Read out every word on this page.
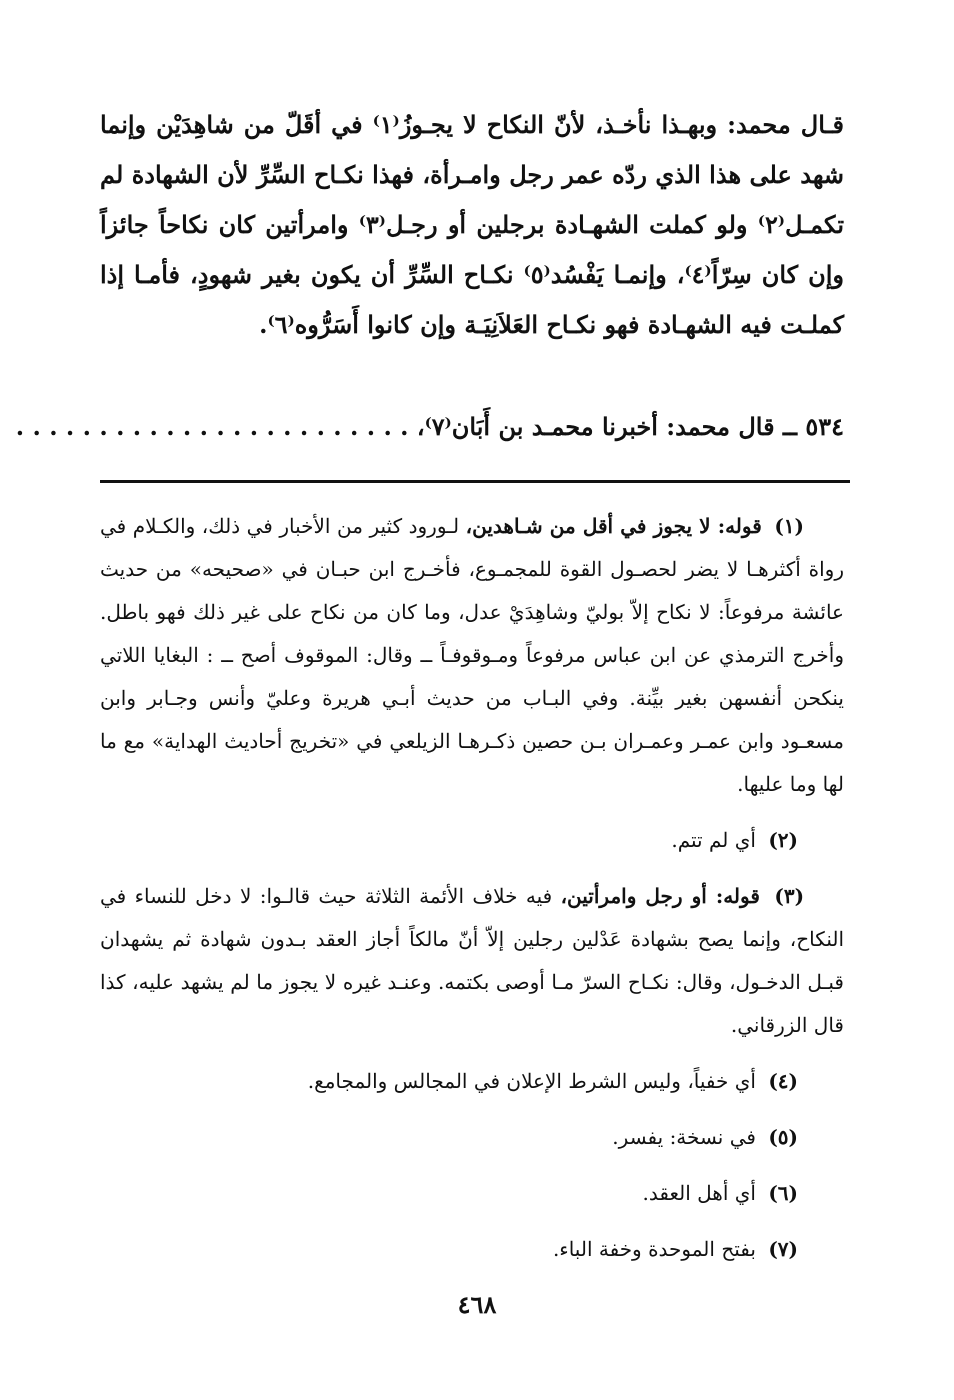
قـال محمد: وبهـذا نأخـذ، لأنّ النكاح لا يجـوزُ⁽١⁾ في أقَلّ من شاهِدَيْن وإنما شهد على هذا الذي ردّه عمر رجل وامـرأة، فهذا نكـاح السِّرِّ لأن الشهادة لم تكمـل⁽٢⁾ ولو كملت الشهـادة برجلين أو رجـل⁽٣⁾ وامرأتين كان نكاحاً جائزاً وإن كان سِرّاً⁽٤⁾، وإنمـا يَفْسُد⁽٥⁾ نكـاح السِّرِّ أن يكون بغير شهودٍ، فأمـا إذا كملـت فيه الشهـادة فهو نكـاح العَلاَنِيَـة وإن كانوا أَسَرُّوه⁽٦⁾.

٥٣٤ ــ قال محمد: أخبرنا محمـد بن أَبَان⁽٧⁾، . . . . . . . . . . . . . . . . . . . . . . . .

(١) قوله: لا يجوز في أقل من شـاهدين، لـورود كثير من الأخبار في ذلك، والكـلام في رواة أكثرهـا لا يضر لحصـول القوة للمجمـوع، فأخـرج ابن حبـان في «صحيحه» من حديث عائشة مرفوعاً: لا نكاح إلاّ بوليّ وشاهِدَيْ عدل، وما كان من نكاح على غير ذلك فهو باطل. وأخرج الترمذي عن ابن عباس مرفوعاً ومـوقوفـاً ــ وقال: الموقوف أصح ــ : البغايا اللاتي ينكحن أنفسهن بغير بيِّنة. وفي البـاب من حديث أبـي هريرة وعليّ وأنس وجـابر وابن مسعـود وابن عمـر وعمـران بـن حصين ذكـرهـا الزيلعي في «تخريج أحاديث الهداية» مع ما لها وما عليها.

(٢) أي لم تتم.

(٣) قوله: أو رجل وامرأتين، فيه خلاف الأئمة الثلاثة حيث قالـوا: لا دخل للنساء في النكاح، وإنما يصح بشهادة عَدْلين رجلين إلاّ أنّ مالكاً أجاز العقد بـدون شهادة ثم يشهدان قبـل الدخـول، وقال: نكـاح السرّ مـا أوصى بكتمه. وعنـد غيره لا يجوز ما لم يشهد عليه، كذا قال الزرقاني.

(٤) أي خفياً، وليس الشرط الإعلان في المجالس والمجامع.

(٥) في نسخة: يفسر.

(٦) أي أهل العقد.

(٧) بفتح الموحدة وخفة الباء.

٤٦٨
